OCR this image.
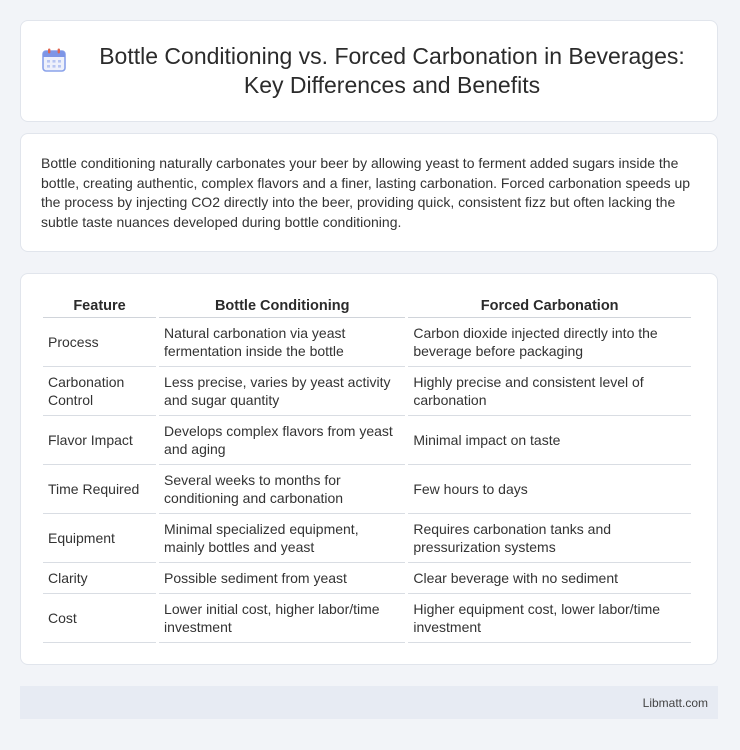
Bottle Conditioning vs. Forced Carbonation in Beverages: Key Differences and Benefits

Bottle conditioning naturally carbonates your beer by allowing yeast to ferment added sugars inside the bottle, creating authentic, complex flavors and a finer, lasting carbonation. Forced carbonation speeds up the process by injecting CO2 directly into the beer, providing quick, consistent fizz but often lacking the subtle taste nuances developed during bottle conditioning.

Feature	Bottle Conditioning	Forced Carbonation
Process	Natural carbonation via yeast fermentation inside the bottle	Carbon dioxide injected directly into the beverage before packaging
Carbonation Control	Less precise, varies by yeast activity and sugar quantity	Highly precise and consistent level of carbonation
Flavor Impact	Develops complex flavors from yeast and aging	Minimal impact on taste
Time Required	Several weeks to months for conditioning and carbonation	Few hours to days
Equipment	Minimal specialized equipment, mainly bottles and yeast	Requires carbonation tanks and pressurization systems
Clarity	Possible sediment from yeast	Clear beverage with no sediment
Cost	Lower initial cost, higher labor/time investment	Higher equipment cost, lower labor/time investment
Libmatt.com
